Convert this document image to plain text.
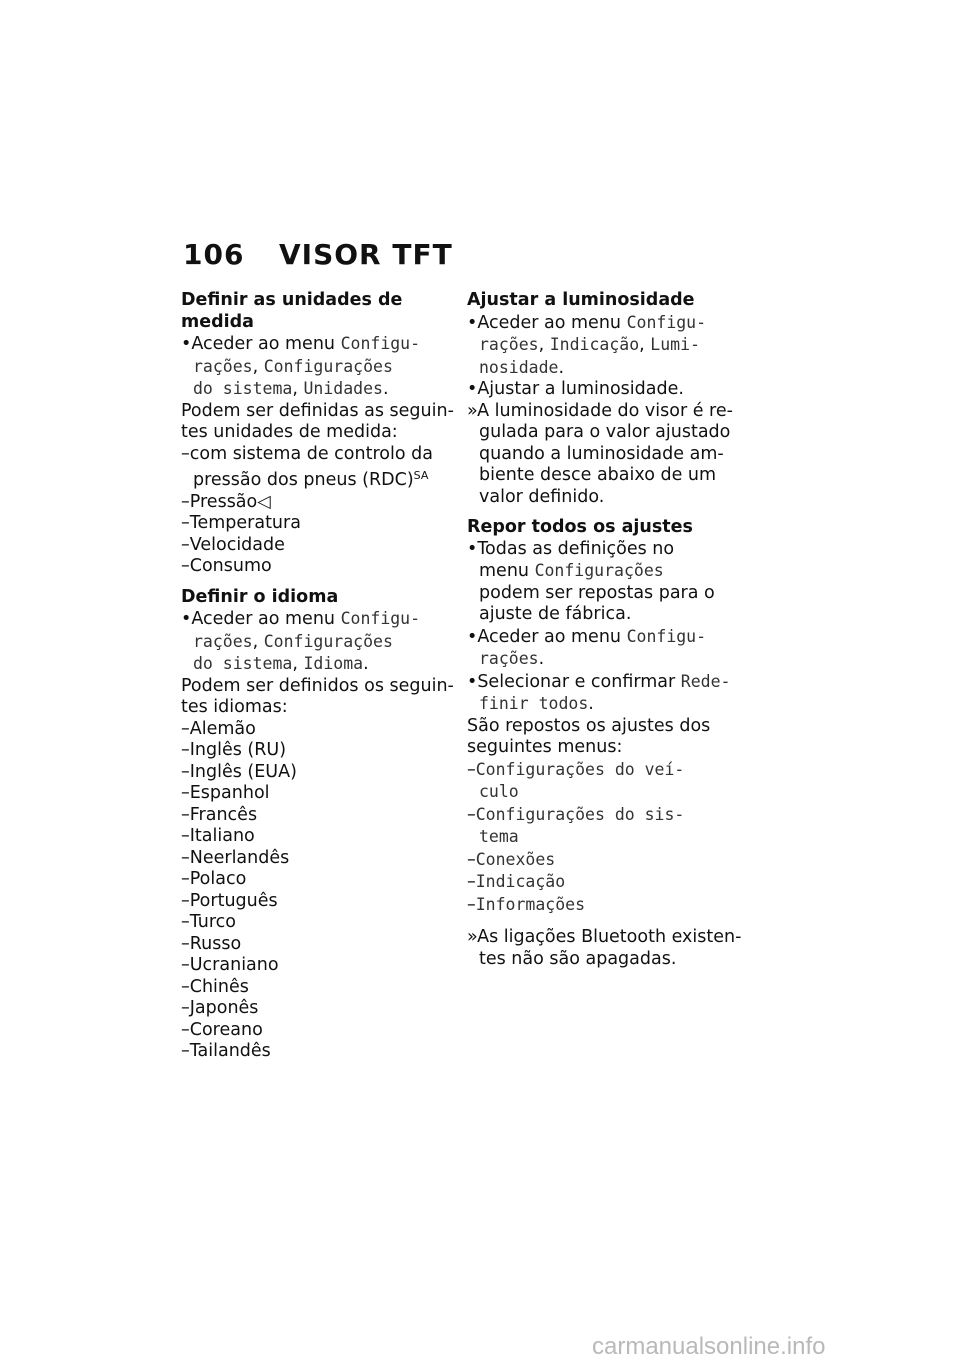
106 VISOR TFT

Definir as unidades de medida

• Aceder ao menu Configu-

rações, Configurações

do sistema, Unidades.

Podem ser definidas as seguin-

tes unidades de medida:

– com sistema de controlo da

pressão dos pneus (RDC)$^{SA}$

– Pressão◁

– Temperatura

– Velocidade

– Consumo

Definir o idioma

• Aceder ao menu Configu-

rações, Configurações

do sistema, Idioma.

Podem ser definidos os seguin-

tes idiomas:

– Alemão

– Inglês (RU)

– Inglês (EUA)

– Espanhol

– Francês

– Italiano

– Neerlandês

– Polaco

– Português

– Turco

– Russo

– Ucraniano

– Chinês

– Japonês

– Coreano

– Tailandês

Ajustar a luminosidade

• Aceder ao menu Configu-

rações, Indicação, Lumi-

nosidade.

• Ajustar a luminosidade.

» A luminosidade do visor é re-

gulada para o valor ajustado

quando a luminosidade am-

biente desce abaixo de um

valor definido.

Repor todos os ajustes

• Todas as definições no

menu Configurações

podem ser repostas para o

ajuste de fábrica.

• Aceder ao menu Configu-

rações.

• Selecionar e confirmar Rede-

finir todos.

São repostos os ajustes dos

seguintes menus:

– Configurações do veí-

culo

– Configurações do sis-

tema

– Conexões

– Indicação

– Informações

» As ligações Bluetooth existen-

tes não são apagadas.

carmanualsonline.info
